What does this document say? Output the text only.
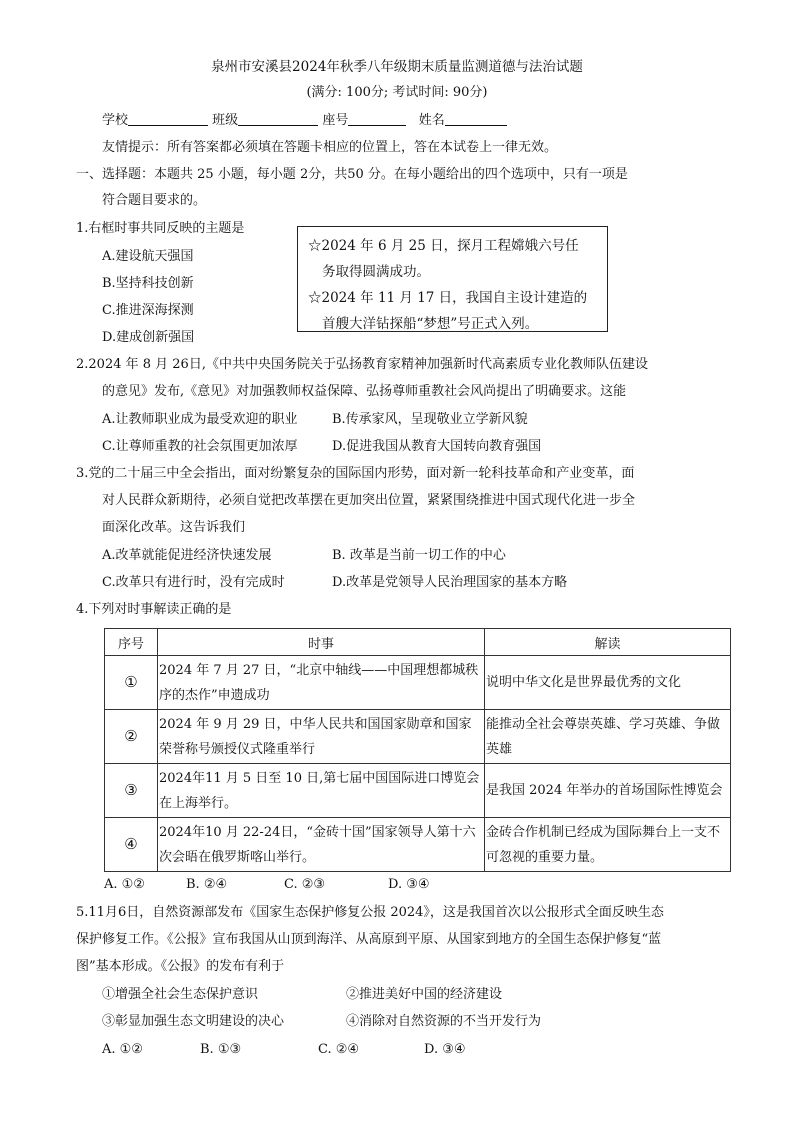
泉州市安溪县2024年秋季八年级期末质量监测道德与法治试题
(满分: 100分; 考试时间: 90分)
学校	班级	座号	姓名
友情提示：所有答案都必须填在答题卡相应的位置上，答在本试卷上一律无效。
一、选择题：本题共 25 小题，每小题 2分，共50 分。在每小题给出的四个选项中，只有一项是
符合题目要求的。
1.右框时事共同反映的主题是
A.建设航天强国
B.坚持科技创新
C.推进深海探测
D.建成创新强国
☆2024 年 6 月 25 日，探月工程嫦娥六号任
务取得圆满成功。
☆2024 年 11 月 17 日，我国自主设计建造的
首艘大洋钻探船“梦想”号正式入列。
2.2024 年 8 月 26日,《中共中央国务院关于弘扬教育家精神加强新时代高素质专业化教师队伍建设
的意见》发布,《意见》对加强教师权益保障、弘扬尊师重教社会风尚提出了明确要求。这能
A.让教师职业成为最受欢迎的职业	B.传承家风，呈现敬业立学新风貌
C.让尊师重教的社会氛围更加浓厚	D.促进我国从教育大国转向教育强国
3.党的二十届三中全会指出，面对纷繁复杂的国际国内形势，面对新一轮科技革命和产业变革，面
对人民群众新期待，必须自觉把改革摆在更加突出位置，紧紧围绕推进中国式现代化进一步全
面深化改革。这告诉我们
A.改革就能促进经济快速发展	B. 改革是当前一切工作的中心
C.改革只有进行时，没有完成时	D.改革是党领导人民治理国家的基本方略
4.下列对时事解读正确的是
序号	时事	解读
①	2024 年 7 月 27 日，“北京中轴线——中国理想都城秩序的杰作”申遗成功	说明中华文化是世界最优秀的文化
②	2024 年 9 月 29 日，中华人民共和国国家勋章和国家荣誉称号颁授仪式隆重举行	能推动全社会尊崇英雄、学习英雄、争做英雄
③	2024年11 月 5 日至 10 日,第七届中国国际进口博览会在上海举行。	是我国 2024 年举办的首场国际性博览会
④	2024年10 月 22-24日，“金砖十国”国家领导人第十六次会晤在俄罗斯喀山举行。	金砖合作机制已经成为国际舞台上一支不可忽视的重要力量。
A. ①②	B. ②④	C. ②③	D. ③④
5.11月6日，自然资源部发布《国家生态保护修复公报 2024》，这是我国首次以公报形式全面反映生态
保护修复工作。《公报》宣布我国从山顶到海洋、从高原到平原、从国家到地方的全国生态保护修复“蓝
图”基本形成。《公报》的发布有利于
①增强全社会生态保护意识	②推进美好中国的经济建设
③彰显加强生态文明建设的决心	④消除对自然资源的不当开发行为
A. ①②	B. ①③	C. ②④	D. ③④
